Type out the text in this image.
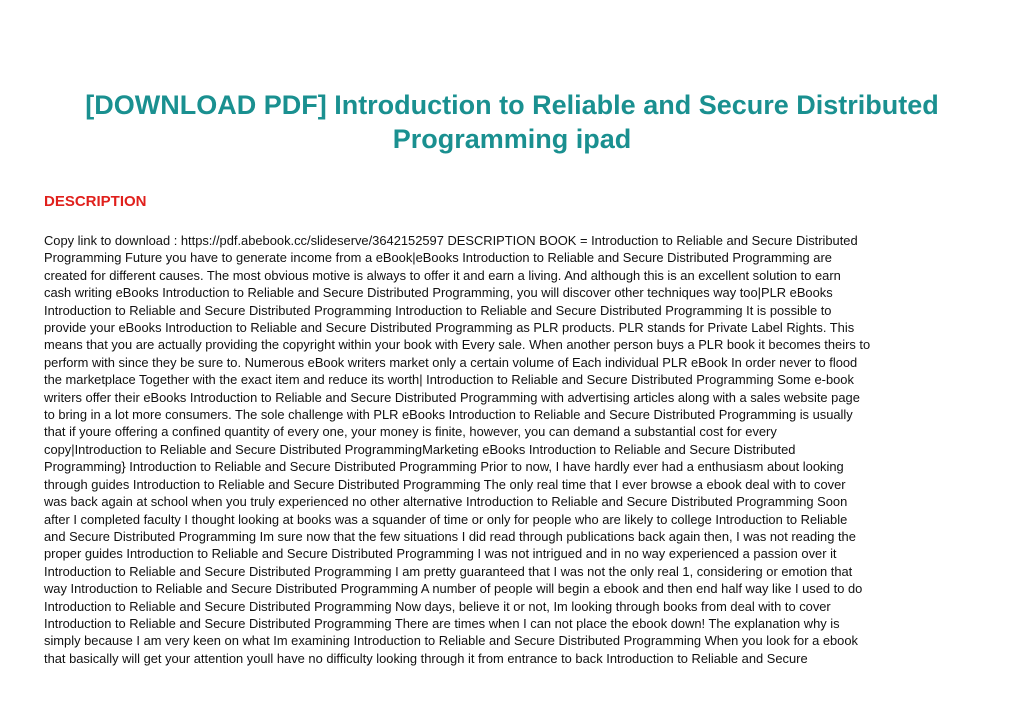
[DOWNLOAD PDF] Introduction to Reliable and Secure Distributed Programming ipad
DESCRIPTION

Copy link to download : https://pdf.abebook.cc/slideserve/3642152597 DESCRIPTION BOOK = Introduction to Reliable and Secure Distributed
Programming Future you have to generate income from a eBook|eBooks Introduction to Reliable and Secure Distributed Programming are
created for different causes. The most obvious motive is always to offer it and earn a living. And although this is an excellent solution to earn
cash writing eBooks Introduction to Reliable and Secure Distributed Programming, you will discover other techniques way too|PLR eBooks
Introduction to Reliable and Secure Distributed Programming Introduction to Reliable and Secure Distributed Programming It is possible to
provide your eBooks Introduction to Reliable and Secure Distributed Programming as PLR products. PLR stands for Private Label Rights. This
means that you are actually providing the copyright within your book with Every sale. When another person buys a PLR book it becomes theirs to
perform with since they be sure to. Numerous eBook writers market only a certain volume of Each individual PLR eBook In order never to flood
the marketplace Together with the exact item and reduce its worth| Introduction to Reliable and Secure Distributed Programming Some e-book
writers offer their eBooks Introduction to Reliable and Secure Distributed Programming with advertising articles along with a sales website page
to bring in a lot more consumers. The sole challenge with PLR eBooks Introduction to Reliable and Secure Distributed Programming is usually
that if youre offering a confined quantity of every one, your money is finite, however, you can demand a substantial cost for every
copy|Introduction to Reliable and Secure Distributed ProgrammingMarketing eBooks Introduction to Reliable and Secure Distributed
Programming} Introduction to Reliable and Secure Distributed Programming Prior to now, I have hardly ever had a enthusiasm about looking
through guides Introduction to Reliable and Secure Distributed Programming The only real time that I ever browse a ebook deal with to cover
was back again at school when you truly experienced no other alternative Introduction to Reliable and Secure Distributed Programming Soon
after I completed faculty I thought looking at books was a squander of time or only for people who are likely to college Introduction to Reliable
and Secure Distributed Programming Im sure now that the few situations I did read through publications back again then, I was not reading the
proper guides Introduction to Reliable and Secure Distributed Programming I was not intrigued and in no way experienced a passion over it
Introduction to Reliable and Secure Distributed Programming I am pretty guaranteed that I was not the only real 1, considering or emotion that
way Introduction to Reliable and Secure Distributed Programming A number of people will begin a ebook and then end half way like I used to do
Introduction to Reliable and Secure Distributed Programming Now days, believe it or not, Im looking through books from deal with to cover
Introduction to Reliable and Secure Distributed Programming There are times when I can not place the ebook down! The explanation why is
simply because I am very keen on what Im examining Introduction to Reliable and Secure Distributed Programming When you look for a ebook
that basically will get your attention youll have no difficulty looking through it from entrance to back Introduction to Reliable and Secure
